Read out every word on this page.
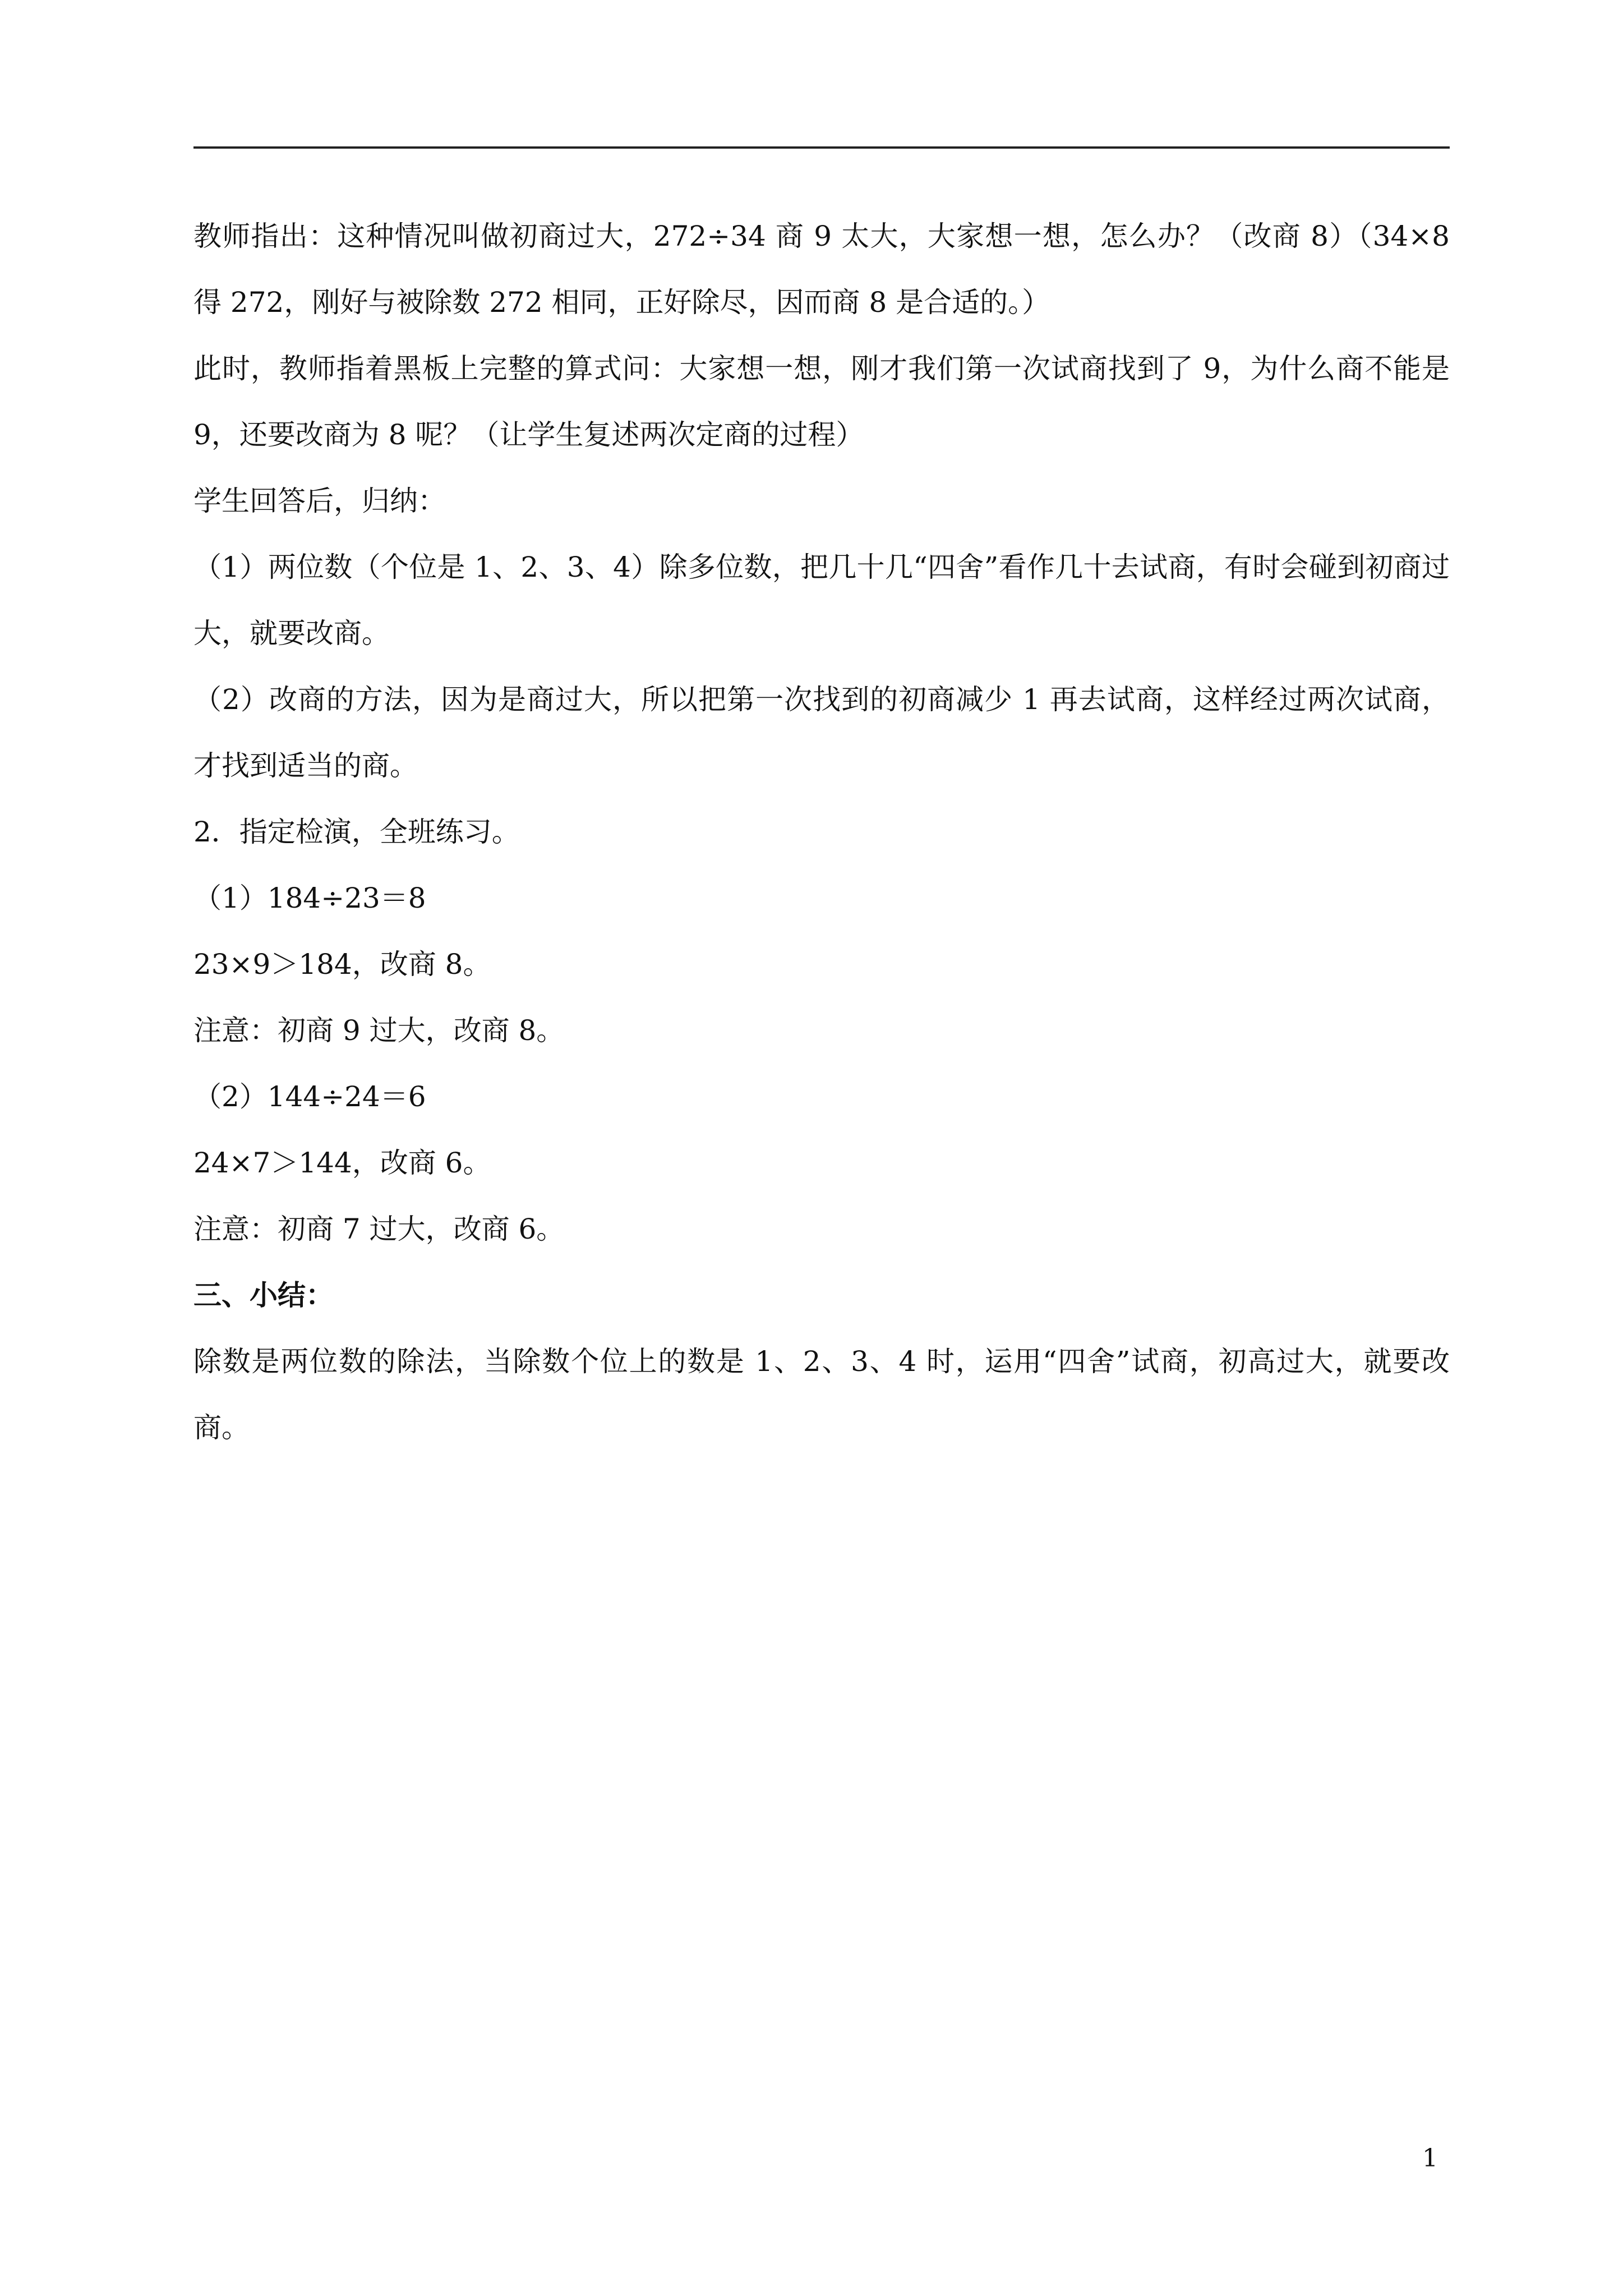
教师指出：这种情况叫做初商过大，272÷34 商 9 太大，大家想一想，怎么办？（改商 8）（34×8 得 272，刚好与被除数 272 相同，正好除尽，因而商 8 是合适的。）

此时，教师指着黑板上完整的算式问：大家想一想，刚才我们第一次试商找到了 9，为什么商不能是 9，还要改商为 8 呢？（让学生复述两次定商的过程）

学生回答后，归纳：

（1）两位数（个位是 1、2、3、4）除多位数，把几十几“四舍”看作几十去试商，有时会碰到初商过大，就要改商。

（2）改商的方法，因为是商过大，所以把第一次找到的初商减少 1 再去试商，这样经过两次试商，才找到适当的商。

2．指定检演，全班练习。

（1）184÷23＝8

23×9＞184，改商 8。

注意：初商 9 过大，改商 8。

（2）144÷24＝6

24×7＞144，改商 6。

注意：初商 7 过大，改商 6。

三、小结：

除数是两位数的除法，当除数个位上的数是 1、2、3、4 时，运用“四舍”试商，初高过大，就要改商。

1
